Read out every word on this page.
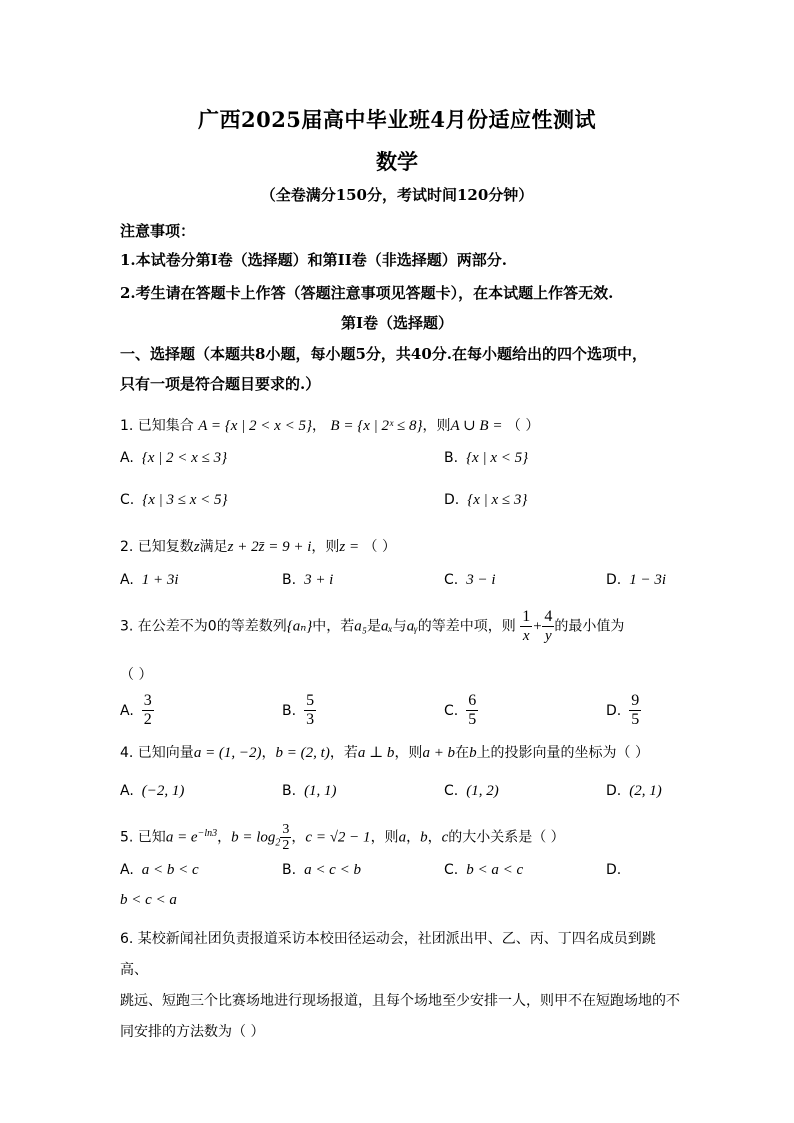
广西2025届高中毕业班4月份适应性测试
数学
（全卷满分150分，考试时间120分钟）
注意事项：
1.本试卷分第I卷（选择题）和第II卷（非选择题）两部分.
2.考生请在答题卡上作答（答题注意事项见答题卡），在本试题上作答无效.
第I卷（选择题）
一、选择题（本题共8小题，每小题5分，共40分.在每小题给出的四个选项中，
只有一项是符合题目要求的.）
1. 已知集合 A = {x | 2 < x < 5}， B = {x | 2ˣ ≤ 8}，则A ∪ B = （ ）
A. {x | 2 < x ≤ 3}	B. {x | x < 5}
C. {x | 3 ≤ x < 5}	D. {x | x ≤ 3}
2. 已知复数z满足z + 2z̄ = 9 + i，则z = （ ）
A. 1 + 3i	B. 3 + i	C. 3 − i	D. 1 − 3i
3. 在公差不为0的等差数列{aₙ}中，若a₅是aₓ与aᵧ的等差中项，则 $\frac{1}{x} + \frac{4}{y}$ 的最小值为
（ ）
A. $\frac{3}{2}$	B. $\frac{5}{3}$	C. $\frac{6}{5}$	D. $\frac{9}{5}$
4. 已知向量a = (1, −2)，b = (2, t)，若a ⊥ b，则a + b在b上的投影向量的坐标为（ ）
A. (−2, 1)	B. (1, 1)	C. (1, 2)	D. (2, 1)
5. 已知$a = e^{-ln3}$，$b = \log_2 \frac{3}{2}$ ，c = √2 − 1，则a，b，c的大小关系是（ ）
A. a < b < c	B. a < c < b	C. b < a < c	D.
b < c < a
6. 某校新闻社团负责报道采访本校田径运动会，社团派出甲、乙、丙、丁四名成员到跳高、
跳远、短跑三个比赛场地进行现场报道，且每个场地至少安排一人，则甲不在短跑场地的不
同安排的方法数为（ ）
